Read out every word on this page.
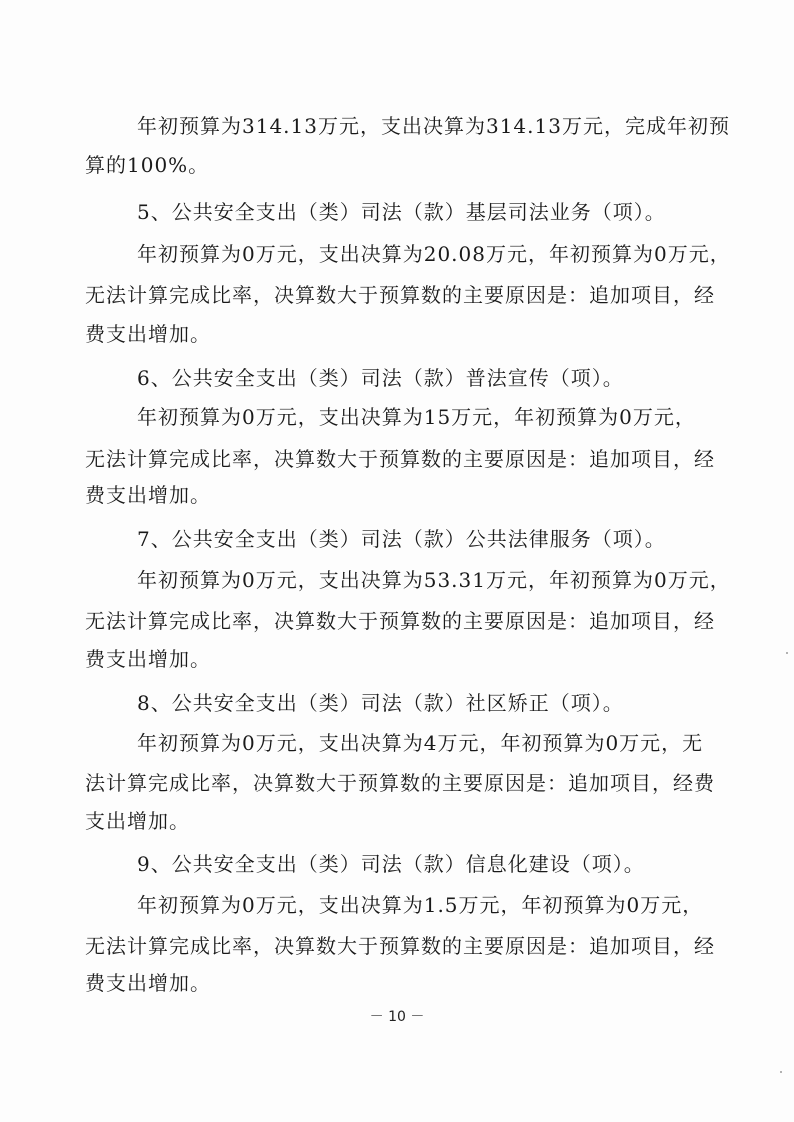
年初预算为314.13万元，支出决算为314.13万元，完成年初预
算的100%。
5、公共安全支出（类）司法（款）基层司法业务（项）。
年初预算为0万元，支出决算为20.08万元，年初预算为0万元，
无法计算完成比率，决算数大于预算数的主要原因是：追加项目，经
费支出增加。
6、公共安全支出（类）司法（款）普法宣传（项）。
年初预算为0万元，支出决算为15万元，年初预算为0万元，
无法计算完成比率，决算数大于预算数的主要原因是：追加项目，经
费支出增加。
7、公共安全支出（类）司法（款）公共法律服务（项）。
年初预算为0万元，支出决算为53.31万元，年初预算为0万元，
无法计算完成比率，决算数大于预算数的主要原因是：追加项目，经
费支出增加。
8、公共安全支出（类）司法（款）社区矫正（项）。
年初预算为0万元，支出决算为4万元，年初预算为0万元，无
法计算完成比率，决算数大于预算数的主要原因是：追加项目，经费
支出增加。
9、公共安全支出（类）司法（款）信息化建设（项）。
年初预算为0万元，支出决算为1.5万元，年初预算为0万元，
无法计算完成比率，决算数大于预算数的主要原因是：追加项目，经
费支出增加。
－ 10 －
